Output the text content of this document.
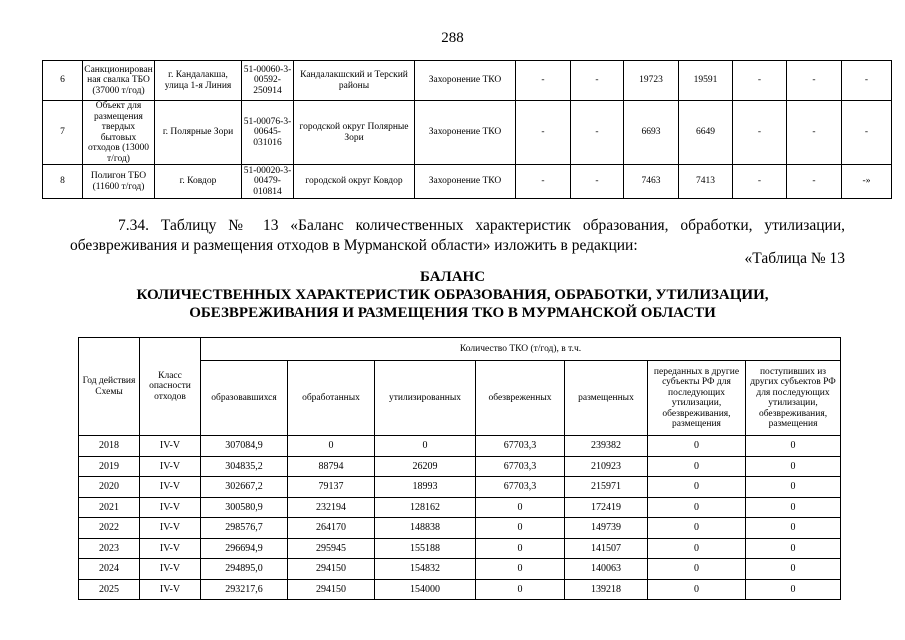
288
6	Санкционирован ная свалка ТБО (37000 т/год)	г. Кандалакша, улица 1-я Линия	51-00060-3-00592-250914	Кандалакшский и Терский районы	Захоронение ТКО	-	-	19723	19591	-	-	-
7	Объект для размещения твердых бытовых отходов (13000 т/год)	г. Полярные Зори	51-00076-3-00645-031016	городской округ Полярные Зори	Захоронение ТКО	-	-	6693	6649	-	-	-
8	Полигон ТБО (11600 т/год)	г. Ковдор	51-00020-3-00479-010814	городской округ Ковдор	Захоронение ТКО	-	-	7463	7413	-	-	-»
7.34. Таблицу № 13 «Баланс количественных характеристик образования, обработки, утилизации, обезвреживания и размещения отходов в Мурманской области» изложить в редакции:
«Таблица № 13
БАЛАНС
КОЛИЧЕСТВЕННЫХ ХАРАКТЕРИСТИК ОБРАЗОВАНИЯ, ОБРАБОТКИ, УТИЛИЗАЦИИ,
ОБЕЗВРЕЖИВАНИЯ И РАЗМЕЩЕНИЯ ТКО В МУРМАНСКОЙ ОБЛАСТИ
Год действия Схемы	Класс опасности отходов	Количество ТКО (т/год), в т.ч.						
		образовавшихся	обработанных	утилизированных	обезвреженных	размещенных	переданных в другие субъекты РФ для последующих утилизации, обезвреживания, размещения	поступивших из других субъектов РФ для последующих утилизации, обезвреживания, размещения
2018	IV-V	307084,9	0	0	67703,3	239382	0	0
2019	IV-V	304835,2	88794	26209	67703,3	210923	0	0
2020	IV-V	302667,2	79137	18993	67703,3	215971	0	0
2021	IV-V	300580,9	232194	128162	0	172419	0	0
2022	IV-V	298576,7	264170	148838	0	149739	0	0
2023	IV-V	296694,9	295945	155188	0	141507	0	0
2024	IV-V	294895,0	294150	154832	0	140063	0	0
2025	IV-V	293217,6	294150	154000	0	139218	0	0
